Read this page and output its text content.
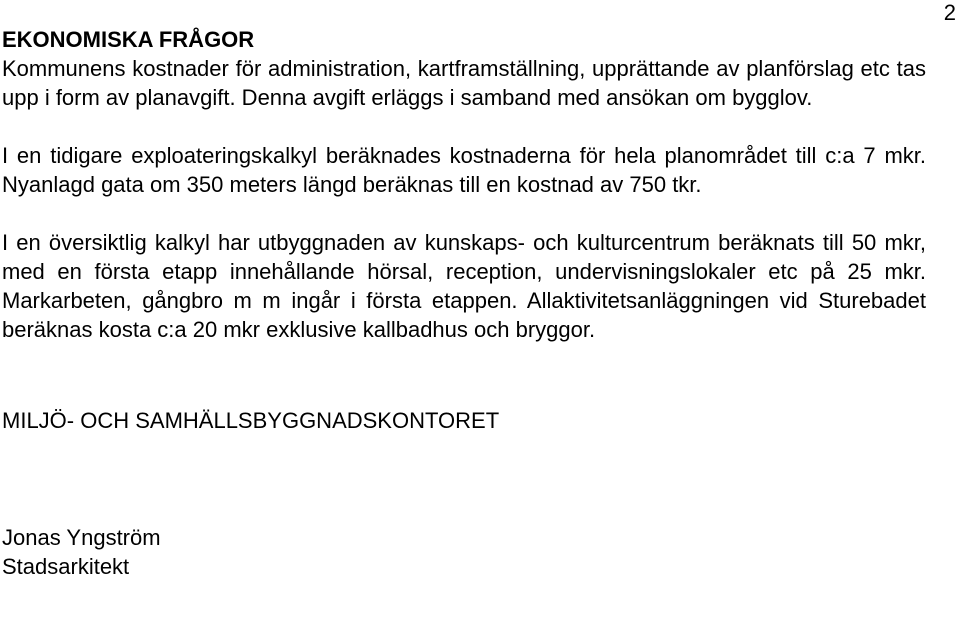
2
EKONOMISKA FRÅGOR

Kommunens kostnader för administration, kartframställning, upprättande av planförslag etc tas upp i form av planavgift. Denna avgift erläggs i samband med ansökan om bygglov.

I en tidigare exploateringskalkyl beräknades kostnaderna för hela planområdet till c:a 7 mkr. Nyanlagd gata om 350 meters längd beräknas till en kostnad av 750 tkr.

I en översiktlig kalkyl har utbyggnaden av kunskaps- och kulturcentrum beräknats till 50 mkr, med en första etapp innehållande hörsal, reception, undervisningslokaler etc på 25 mkr. Markarbeten, gångbro m m ingår i första etappen. Allaktivitetsanläggningen vid Sturebadet beräknas kosta c:a 20 mkr exklusive kallbadhus och bryggor.

MILJÖ- OCH SAMHÄLLSBYGGNADSKONTORET

Jonas Yngström

Stadsarkitekt
